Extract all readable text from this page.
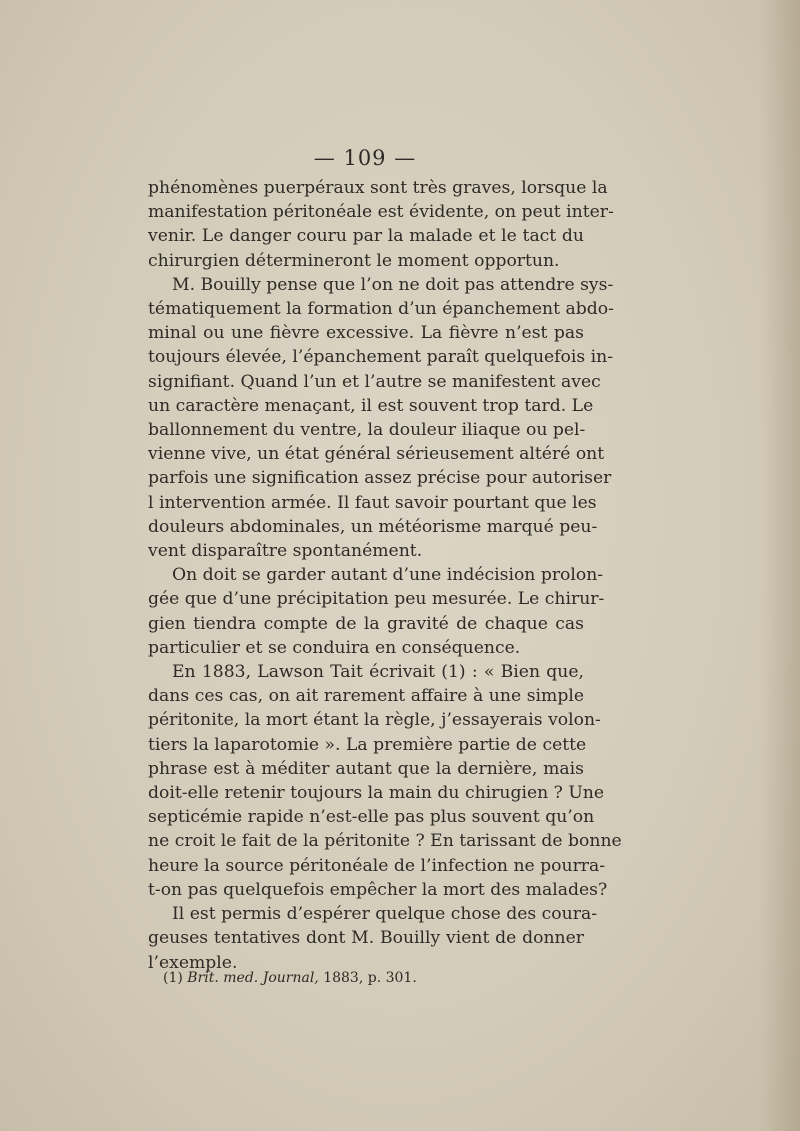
— 109 —
phénomènes puerpéraux sont très graves, lorsque la
manifestation péritonéale est évidente, on peut inter-
venir. Le danger couru par la malade et le tact du
chirurgien détermineront le moment opportun.
M. Bouilly pense que l’on ne doit pas attendre sys-
tématiquement la formation d’un épanchement abdo-
minal ou une fièvre excessive. La fièvre n’est pas
toujours élevée, l’épanchement paraît quelquefois in-
signifiant. Quand l’un et l’autre se manifestent avec
un caractère menaçant, il est souvent trop tard. Le
ballonnement du ventre, la douleur iliaque ou pel-
vienne vive, un état général sérieusement altéré ont
parfois une signification assez précise pour autoriser
l intervention armée. Il faut savoir pourtant que les
douleurs abdominales, un météorisme marqué peu-
vent disparaître spontanément.
On doit se garder autant d’une indécision prolon-
gée que d’une précipitation peu mesurée. Le chirur-
gien tiendra compte de la gravité de chaque cas
particulier et se conduira en conséquence.
En 1883, Lawson Tait écrivait (1) : « Bien que,
dans ces cas, on ait rarement affaire à une simple
péritonite, la mort étant la règle, j’essayerais volon-
tiers la laparotomie ». La première partie de cette
phrase est à méditer autant que la dernière, mais
doit-elle retenir toujours la main du chirugien ? Une
septicémie rapide n’est-elle pas plus souvent qu’on
ne croit le fait de la péritonite ? En tarissant de bonne
heure la source péritonéale de l’infection ne pourra-
t-on pas quelquefois empêcher la mort des malades?
Il est permis d’espérer quelque chose des coura-
geuses tentatives dont M. Bouilly vient de donner
l’exemple.
(1) Brit. med. Journal, 1883, p. 301.
